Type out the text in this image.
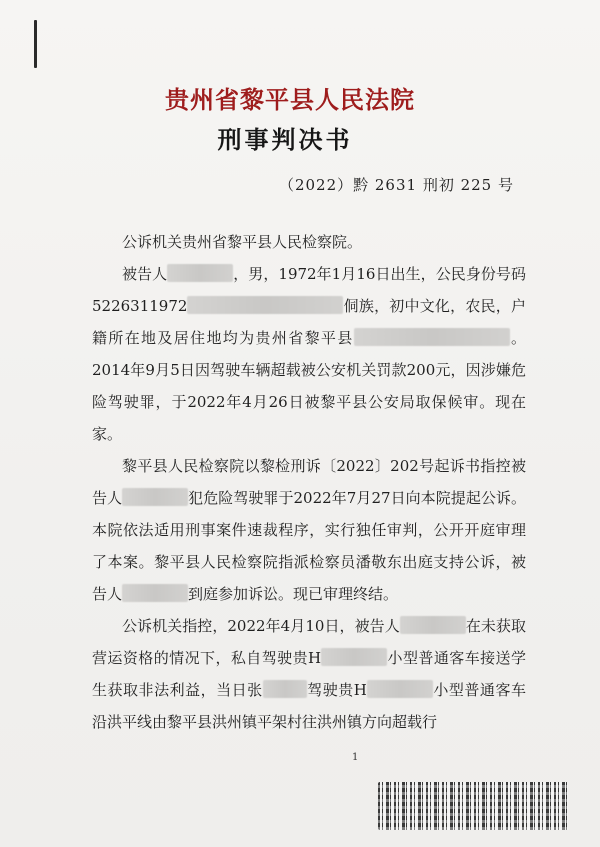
贵州省黎平县人民法院
刑事判决书
（2022）黔 2631 刑初 225 号

公诉机关贵州省黎平县人民检察院。

被告人	，男，1972年1月16日出生，公民身份号码5226311972	侗族，初中文化，农民，户籍所在地及居住地均为贵州省黎平县	。2014年9月5日因驾驶车辆超载被公安机关罚款200元，因涉嫌危险驾驶罪，于2022年4月26日被黎平县公安局取保候审。现在家。

黎平县人民检察院以黎检刑诉〔2022〕202号起诉书指控被告人	犯危险驾驶罪于2022年7月27日向本院提起公诉。本院依法适用刑事案件速裁程序，实行独任审判，公开开庭审理了本案。黎平县人民检察院指派检察员潘敬东出庭支持公诉，被告人	到庭参加诉讼。现已审理终结。

公诉机关指控，2022年4月10日，被告人	在未获取营运资格的情况下，私自驾驶贵H	小型普通客车接送学生获取非法利益，当日张	驾驶贵H	小型普通客车沿洪平线由黎平县洪州镇平架村往洪州镇方向超载行

1
